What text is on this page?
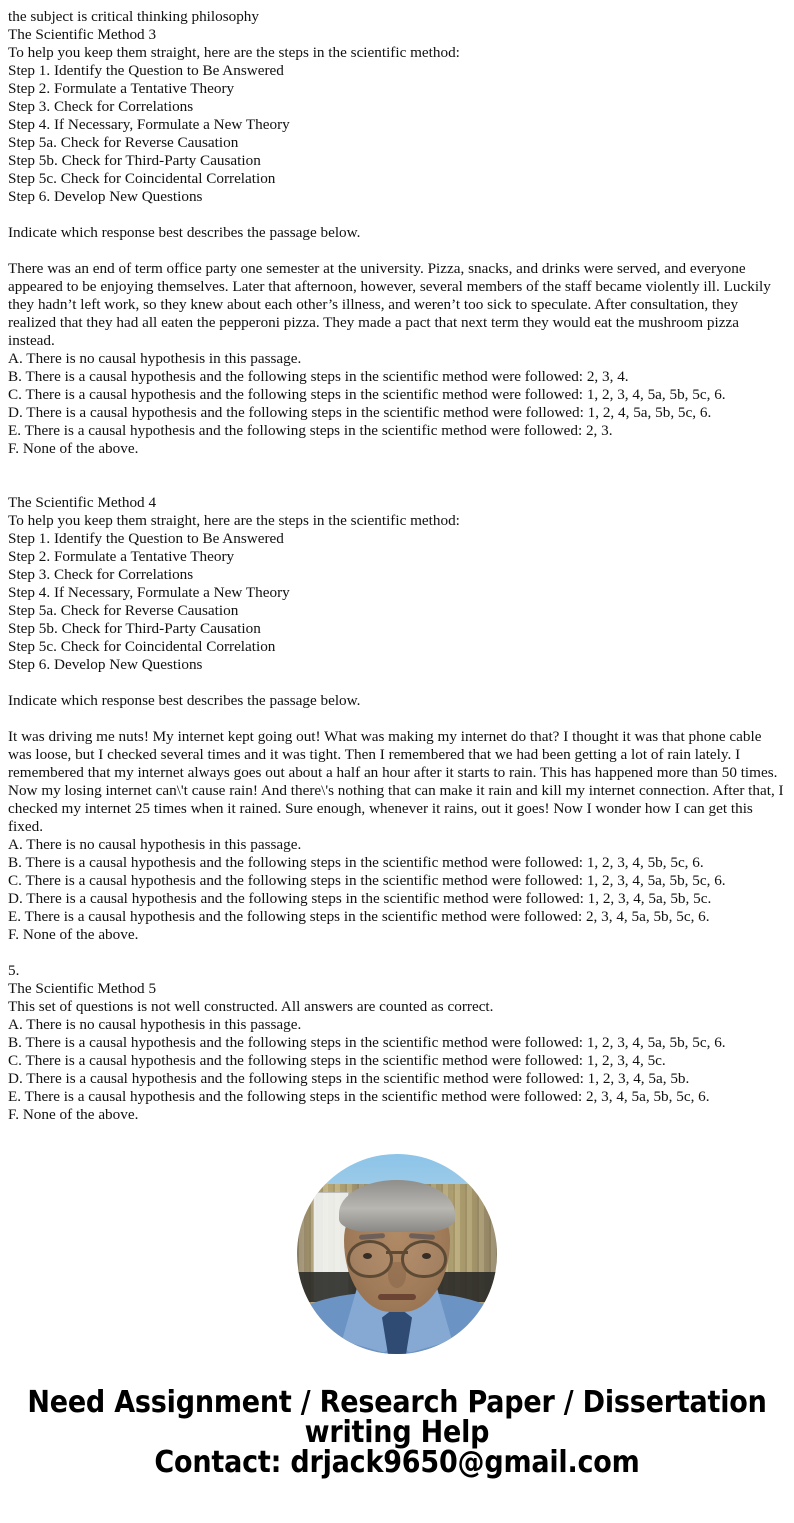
the subject is critical thinking philosophy
The Scientific Method 3
To help you keep them straight, here are the steps in the scientific method:
Step 1. Identify the Question to Be Answered
Step 2. Formulate a Tentative Theory
Step 3. Check for Correlations
Step 4. If Necessary, Formulate a New Theory
Step 5a. Check for Reverse Causation
Step 5b. Check for Third-Party Causation
Step 5c. Check for Coincidental Correlation
Step 6. Develop New Questions
Indicate which response best describes the passage below.
There was an end of term office party one semester at the university. Pizza, snacks, and drinks were served, and everyone appeared to be enjoying themselves. Later that afternoon, however, several members of the staff became violently ill. Luckily they hadn’t left work, so they knew about each other’s illness, and weren’t too sick to speculate. After consultation, they realized that they had all eaten the pepperoni pizza. They made a pact that next term they would eat the mushroom pizza instead.
A. There is no causal hypothesis in this passage.
B. There is a causal hypothesis and the following steps in the scientific method were followed: 2, 3, 4.
C. There is a causal hypothesis and the following steps in the scientific method were followed: 1, 2, 3, 4, 5a, 5b, 5c, 6.
D. There is a causal hypothesis and the following steps in the scientific method were followed: 1, 2, 4, 5a, 5b, 5c, 6.
E. There is a causal hypothesis and the following steps in the scientific method were followed: 2, 3.
F. None of the above.
The Scientific Method 4
To help you keep them straight, here are the steps in the scientific method:
Step 1. Identify the Question to Be Answered
Step 2. Formulate a Tentative Theory
Step 3. Check for Correlations
Step 4. If Necessary, Formulate a New Theory
Step 5a. Check for Reverse Causation
Step 5b. Check for Third-Party Causation
Step 5c. Check for Coincidental Correlation
Step 6. Develop New Questions
Indicate which response best describes the passage below.
It was driving me nuts! My internet kept going out! What was making my internet do that? I thought it was that phone cable was loose, but I checked several times and it was tight. Then I remembered that we had been getting a lot of rain lately. I remembered that my internet always goes out about a half an hour after it starts to rain. This has happened more than 50 times. Now my losing internet can\'t cause rain! And there\'s nothing that can make it rain and kill my internet connection. After that, I checked my internet 25 times when it rained. Sure enough, whenever it rains, out it goes! Now I wonder how I can get this fixed.
A. There is no causal hypothesis in this passage.
B. There is a causal hypothesis and the following steps in the scientific method were followed: 1, 2, 3, 4, 5b, 5c, 6.
C. There is a causal hypothesis and the following steps in the scientific method were followed: 1, 2, 3, 4, 5a, 5b, 5c, 6.
D. There is a causal hypothesis and the following steps in the scientific method were followed: 1, 2, 3, 4, 5a, 5b, 5c.
E. There is a causal hypothesis and the following steps in the scientific method were followed: 2, 3, 4, 5a, 5b, 5c, 6.
F. None of the above.
5.
The Scientific Method 5
This set of questions is not well constructed. All answers are counted as correct.
A. There is no causal hypothesis in this passage.
B. There is a causal hypothesis and the following steps in the scientific method were followed: 1, 2, 3, 4, 5a, 5b, 5c, 6.
C. There is a causal hypothesis and the following steps in the scientific method were followed: 1, 2, 3, 4, 5c.
D. There is a causal hypothesis and the following steps in the scientific method were followed: 1, 2, 3, 4, 5a, 5b.
E. There is a causal hypothesis and the following steps in the scientific method were followed: 2, 3, 4, 5a, 5b, 5c, 6.
F. None of the above.
Need Assignment / Research Paper / Dissertation
writing Help
Contact: drjack9650@gmail.com
